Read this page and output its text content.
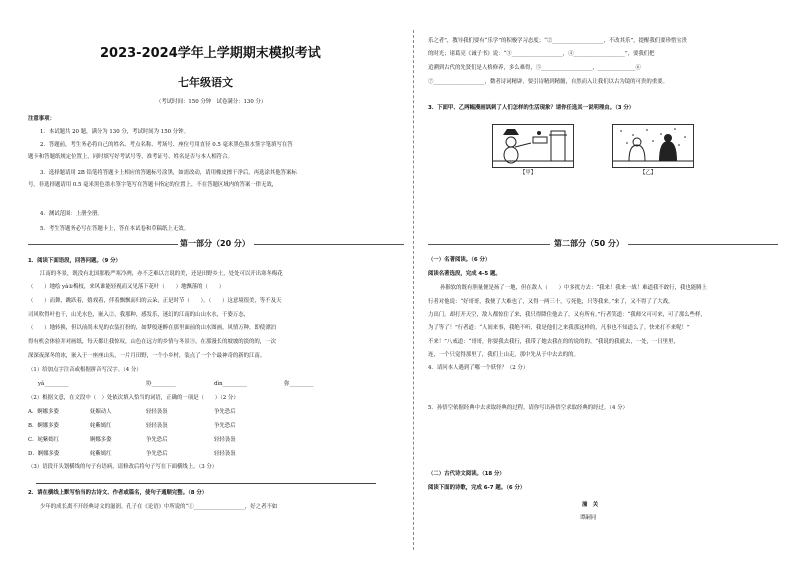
2023-2024学年上学期期末模拟考试
七年级语文
（考试时间：150 分钟　试卷满分：130 分）
注意事项：
1．本试题共 20 题，满分为 130 分，考试时间为 150 分钟。
2．答题前，考生务必将自己的姓名、考点名称、考场号、座位号用直径 0.5 毫米黑色墨水签字笔填写在答
题卡和答题纸规定位置上，同时填写好考试号等，准考证号、姓名是否与本人相符合。
3．选择题请用 2B 铅笔将答题卡上相应的答题标号涂黑，如需改动，请用橡皮擦干净后，再选涂其他答案标
号。非选择题请用 0.5 毫米黑色墨水签字笔写在答题卡指定的位置上，不在答题区域内的答案一律无效，
4．测试范围：上册全册。
5．考生答题务必写在答题卡上，答在本试卷和草稿纸上无效。
第一部分（20 分）
1．阅读下面语段，回答问题。（9 分）
江南的冬景，既没有北国那般严寒冷冽，亦不乏难以言说的美，还是田野乡土，处处可以开出寒冬梅花
（　　）地绘 yǎ①梅枝，来风谁能轻视而又见落下花叶（　　）地飘落的（　　）
（　　）而舞，跳跃着，嬉戏着，伴着飘飘而归的云朵，正是时节（　　）。（　　）这意境很美，等不及天
司风吹得叶也干，山光水色，嵌入②，我那种，感发乐，迷幻的江南的山山水水，千姿万态，
（　　）地转换，但以前尚未见的衣装打扮的，如梦般迷醉在那里面前的山水图画，风情万种，即使漂泊
得有机会体验并对画纸，每天都让我惊叹，山色在远方的乡情与冬景③，在那漫长的坡坡的淡的的，一次
深深夜深冬的冰，嵌入于一座座山头，一片月田野，一个小乡村，装点了一个个最神奇的新的江南。
（1）给加点字注音或根据拼音写汉字。（4 分）
yǎ_________	协_________	dìn_________	弥_________
（2）根据文意，在文段中（　）处依次填入恰当的词语，正确的一项是（　　）（2 分）
A．婀娜多姿	妩媚动人	轻轻袅袅	争先恐后
B．婀娜多姿	姹紫嫣红	轻轻袅袅	争先恐后
C．姹紫嫣红	婀娜多姿	争先恐后	轻轻袅袅
D．婀娜多姿	姹紫嫣红	争先恐后	轻轻袅袅
（3）语段开头划横线的句子有语病，请修改后将句子写在下面横线上。（3 分）
2．请在横线上默写恰当的古诗文、作者或篇名，使句子通顺完整。（8 分）
少年的成长离不开经典诗文的滋润。孔子在《论语》中所说的“①___________________，好之者不如
乐之者”，教导我们要有“乐学”的积极学习态度；“②___________________，不改其乐”，提醒我们要珍惜宝贵
的时光；诸葛亮《诫子书》说：“③___________________，④___________________”，要我们把
追溯到古代的先贤们是人格修养，多么难得，⑤___________________，______________⑥
⑦___________________，微者诗词精辟，要引诗精到精髓，自然而入让我们以古为镜的可贵的重要。
3．下面甲、乙两幅漫画讽刺了人们怎样的生活现象？请你任选其一说明理由。（3 分）
【甲】	【乙】
第二部分（50 分）
（一）名著阅读。（6 分）
阅读名著选段，完成 4-5 题。
孙猴软的既有胆量便是扬了一地，但在敌人（　　）中多扰方去：“我来！我来一战！难道我不敢行，我也能腾上
行者对他说：“好哥哥，我便了大难也了，又得一两三十，亏死他，只等我来。”来了，又不得了了大战，
力出门。却打开天空，敌人都惊住了来，我只得降住他去了，又有所有。”行者笑道：“我师父可可来，可了那么些样，
为了等了！”行者道：“人间来事，我绝不听，我是他们之来我那这样的，凡事也不知道么了。快来打不来呢！”
不来！”八戒道：“哥哥，你要我去我行，我带了她去我在的的说的的。“我说的我就去，一处，一日里里，
连，一个只觉得那里了，我们上山走，那中先从于中去去的的。
4．请问本人遇到了哪一个妖怪？（2 分）
5．孙悟空依据经典中去求取经典的过程，请你写出孙悟空求取经典的经过。（4 分）
（二）古代诗文阅读。（18 分）
阅读下面的诗歌，完成 6-7 题。（6 分）
潼　关
谭嗣同
